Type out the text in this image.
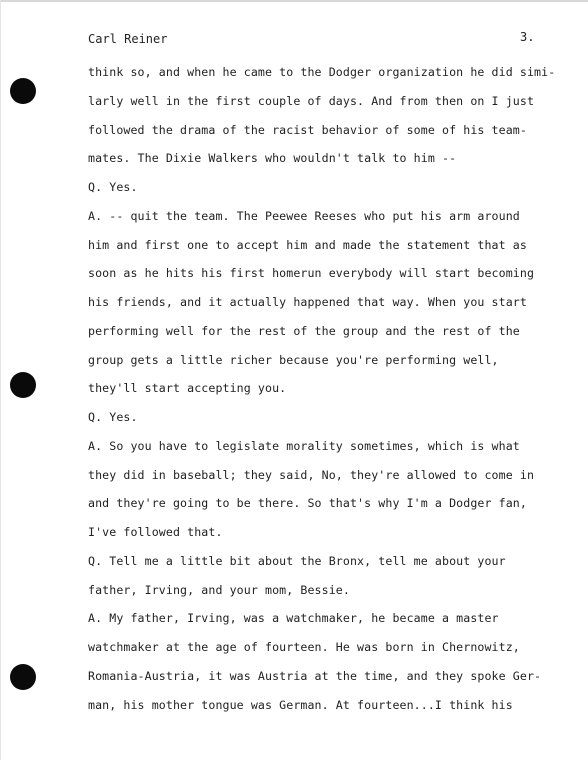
Carl Reiner	3.
think so, and when he came to the Dodger organization he did simi-
larly well in the first couple of days. And from then on I just
followed the drama of the racist behavior of some of his team-
mates. The Dixie Walkers who wouldn't talk to him --
Q. Yes.
A. -- quit the team. The Peewee Reeses who put his arm around
him and first one to accept him and made the statement that as
soon as he hits his first homerun everybody will start becoming
his friends, and it actually happened that way. When you start
performing well for the rest of the group and the rest of the
group gets a little richer because you're performing well,
they'll start accepting you.
Q. Yes.
A. So you have to legislate morality sometimes, which is what
they did in baseball; they said, No, they're allowed to come in
and they're going to be there. So that's why I'm a Dodger fan,
I've followed that.
Q. Tell me a little bit about the Bronx, tell me about your
father, Irving, and your mom, Bessie.
A. My father, Irving, was a watchmaker, he became a master
watchmaker at the age of fourteen. He was born in Chernowitz,
Romania-Austria, it was Austria at the time, and they spoke Ger-
man, his mother tongue was German. At fourteen...I think his
